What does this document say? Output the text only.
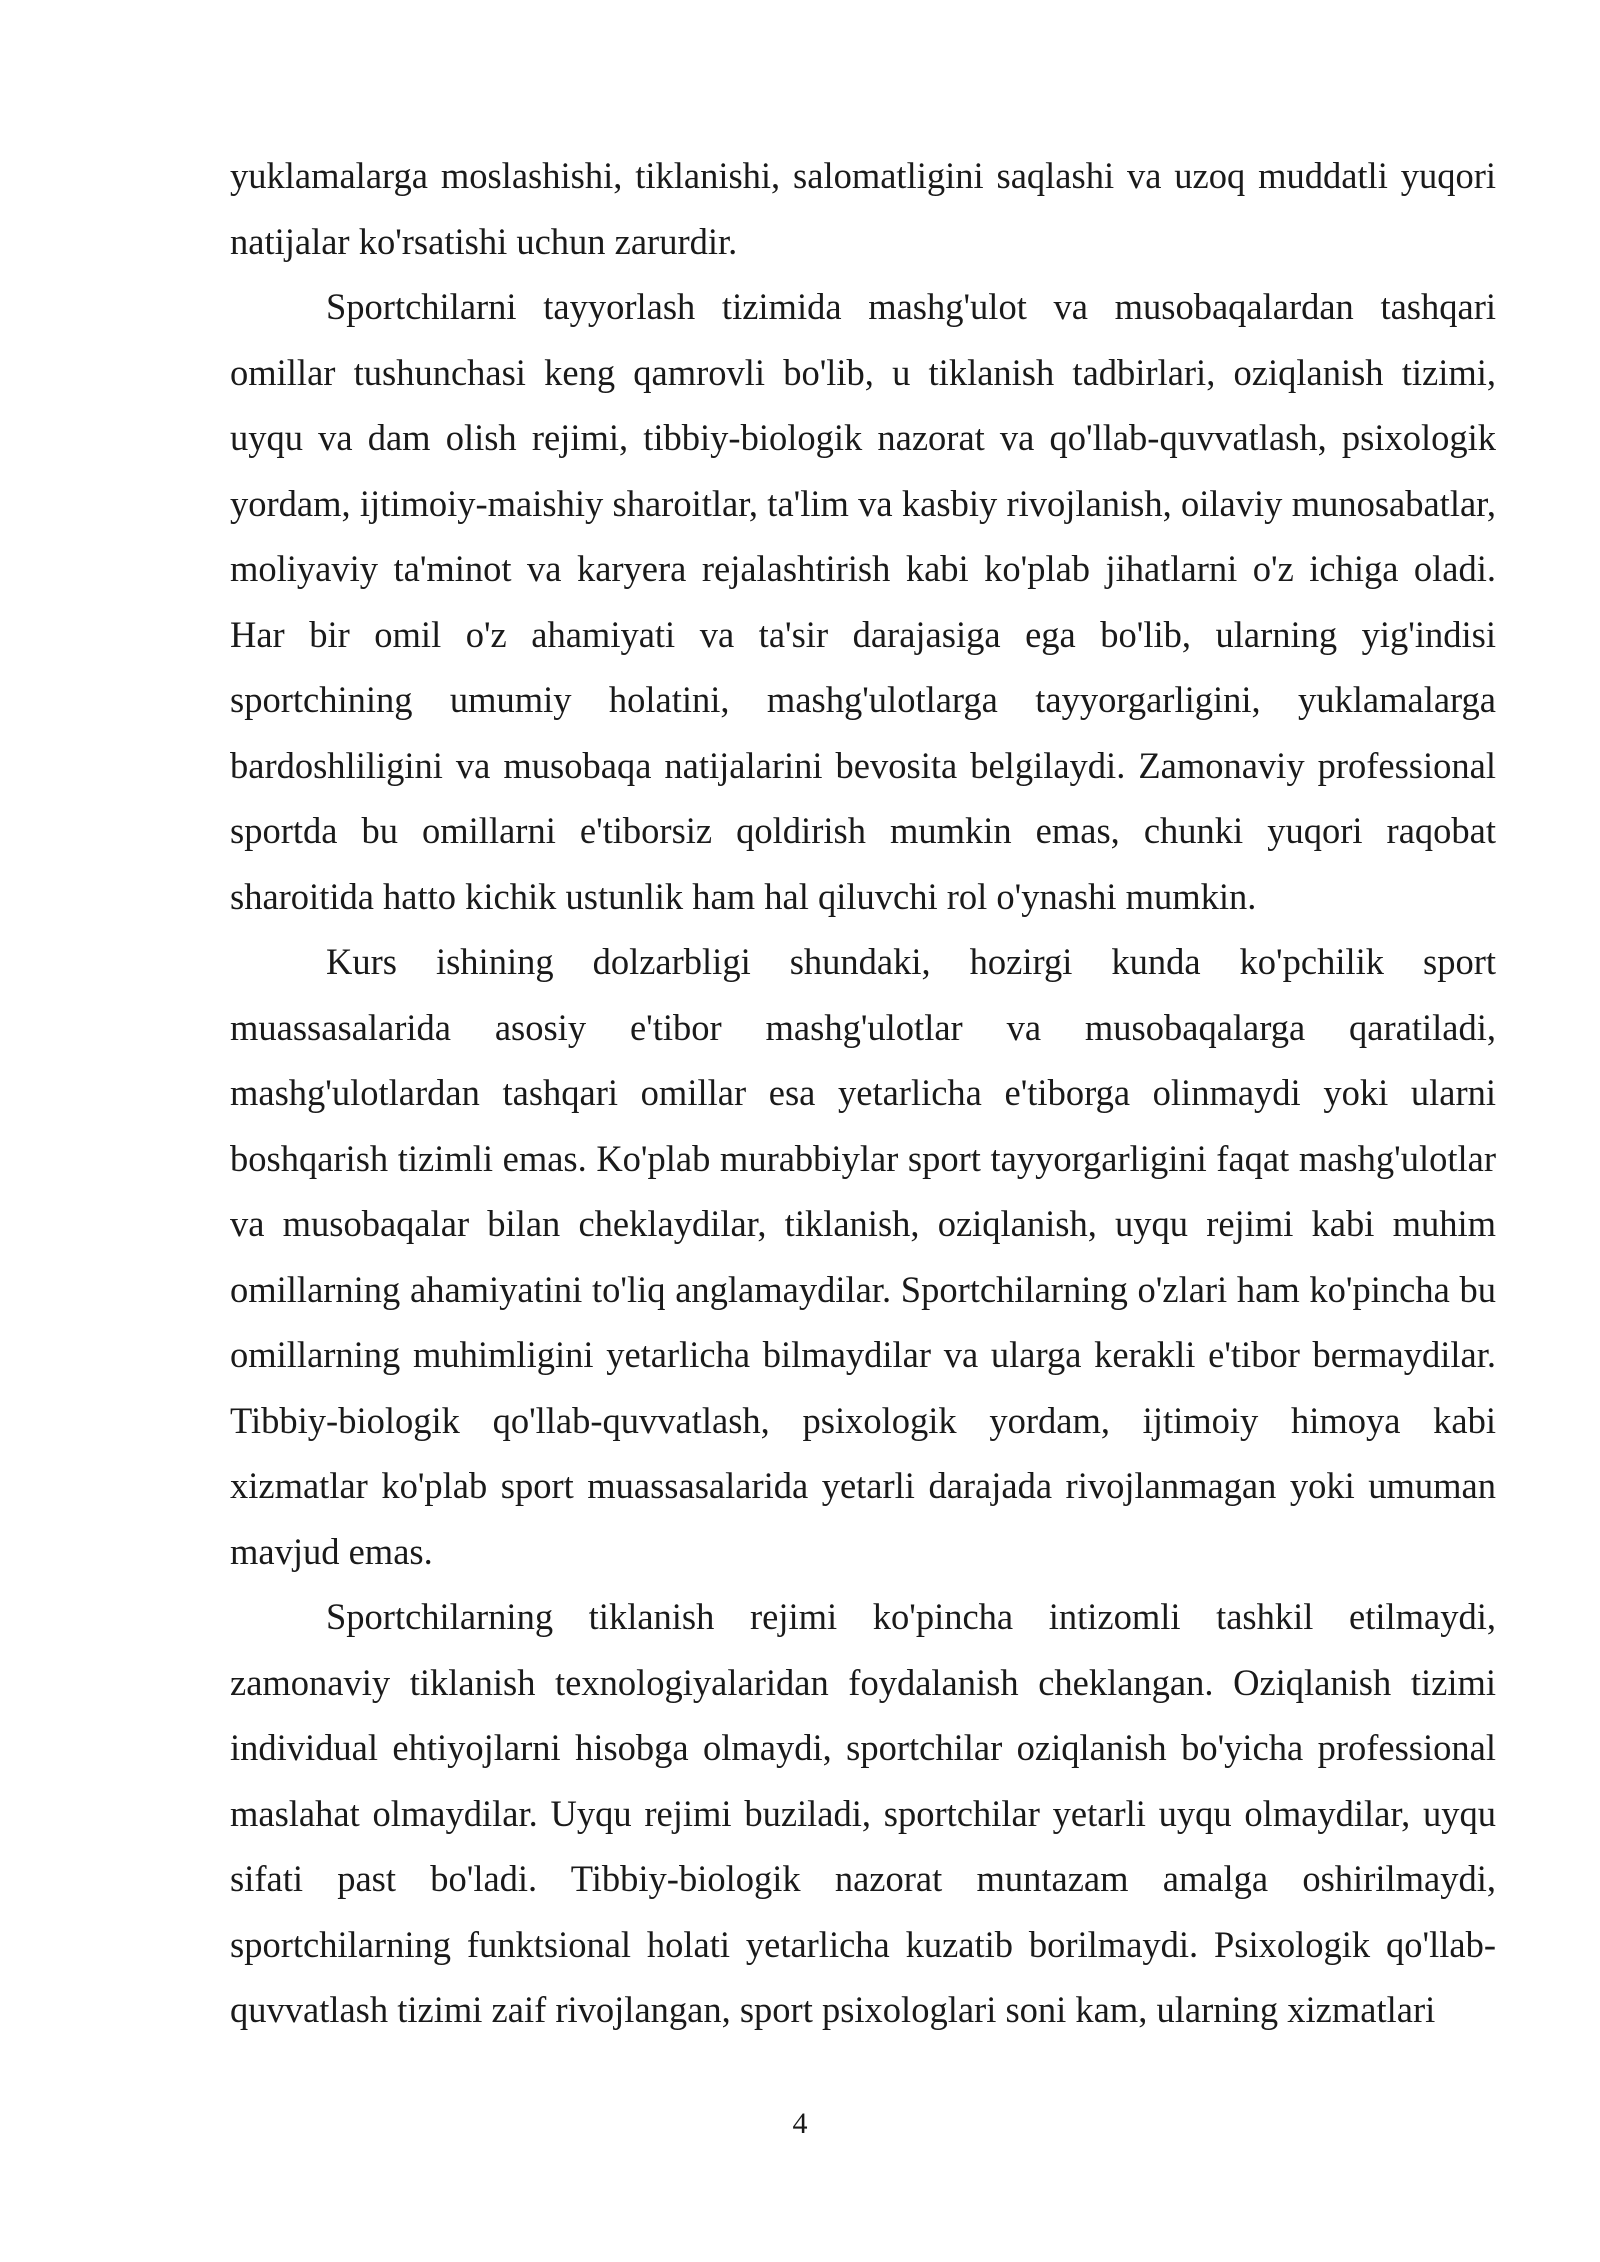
yuklamalarga moslashishi, tiklanishi, salomatligini saqlashi va uzoq muddatli yuqori natijalar ko'rsatishi uchun zarurdir.

Sportchilarni tayyorlash tizimida mashg'ulot va musobaqalardan tashqari omillar tushunchasi keng qamrovli bo'lib, u tiklanish tadbirlari, oziqlanish tizimi, uyqu va dam olish rejimi, tibbiy-biologik nazorat va qo'llab-quvvatlash, psixologik yordam, ijtimoiy-maishiy sharoitlar, ta'lim va kasbiy rivojlanish, oilaviy munosabatlar, moliyaviy ta'minot va karyera rejalashtirish kabi ko'plab jihatlarni o'z ichiga oladi. Har bir omil o'z ahamiyati va ta'sir darajasiga ega bo'lib, ularning yig'indisi sportchining umumiy holatini, mashg'ulotlarga tayyorgarligini, yuklamalarga bardoshliligini va musobaqa natijalarini bevosita belgilaydi. Zamonaviy professional sportda bu omillarni e'tiborsiz qoldirish mumkin emas, chunki yuqori raqobat sharoitida hatto kichik ustunlik ham hal qiluvchi rol o'ynashi mumkin.

Kurs ishining dolzarbligi shundaki, hozirgi kunda ko'pchilik sport muassasalarida asosiy e'tibor mashg'ulotlar va musobaqalarga qaratiladi, mashg'ulotlardan tashqari omillar esa yetarlicha e'tiborga olinmaydi yoki ularni boshqarish tizimli emas. Ko'plab murabbiylar sport tayyorgarligini faqat mashg'ulotlar va musobaqalar bilan cheklaydilar, tiklanish, oziqlanish, uyqu rejimi kabi muhim omillarning ahamiyatini to'liq anglamaydilar. Sportchilarning o'zlari ham ko'pincha bu omillarning muhimligini yetarlicha bilmaydilar va ularga kerakli e'tibor bermaydilar. Tibbiy-biologik qo'llab-quvvatlash, psixologik yordam, ijtimoiy himoya kabi xizmatlar ko'plab sport muassasalarida yetarli darajada rivojlanmagan yoki umuman mavjud emas.

Sportchilarning tiklanish rejimi ko'pincha intizomli tashkil etilmaydi, zamonaviy tiklanish texnologiyalaridan foydalanish cheklangan. Oziqlanish tizimi individual ehtiyojlarni hisobga olmaydi, sportchilar oziqlanish bo'yicha professional maslahat olmaydilar. Uyqu rejimi buziladi, sportchilar yetarli uyqu olmaydilar, uyqu sifati past bo'ladi. Tibbiy-biologik nazorat muntazam amalga oshirilmaydi, sportchilarning funktsional holati yetarlicha kuzatib borilmaydi. Psixologik qo'llab-quvvatlash tizimi zaif rivojlangan, sport psixologlari soni kam, ularning xizmatlari

4
